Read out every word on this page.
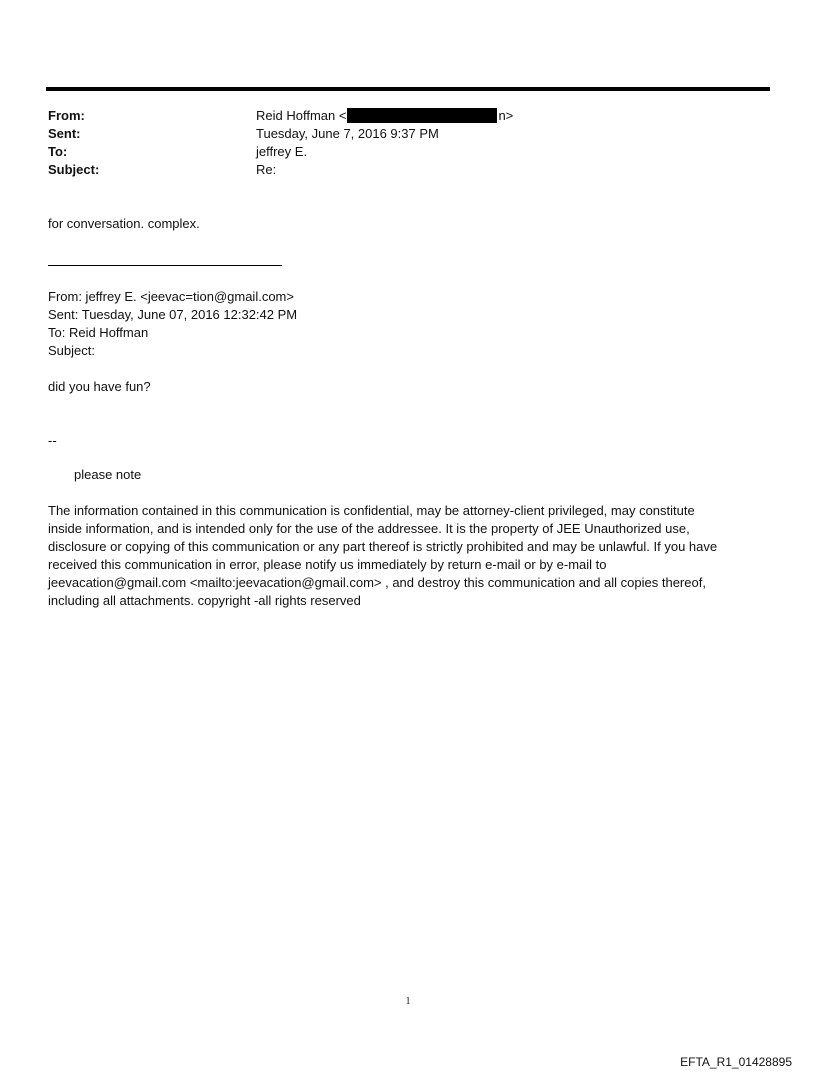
From:	Reid Hoffman <	n>
Sent:	Tuesday, June 7, 2016 9:37 PM
To:	jeffrey E.
Subject:	Re:
for conversation. complex.
From: jeffrey E. <jeevac=tion@gmail.com>
Sent: Tuesday, June 07, 2016 12:32:42 PM
To: Reid Hoffman
Subject:
did you have fun?
--
please note
The information contained in this communication is confidential, may be attorney-client privileged, may constitute
inside information, and is intended only for the use of the addressee. It is the property of JEE Unauthorized use,
disclosure or copying of this communication or any part thereof is strictly prohibited and may be unlawful. If you have
received this communication in error, please notify us immediately by return e-mail or by e-mail to
jeevacation@gmail.com <mailto:jeevacation@gmail.com> , and destroy this communication and all copies thereof,
including all attachments. copyright -all rights reserved
1
EFTA_R1_01428895
